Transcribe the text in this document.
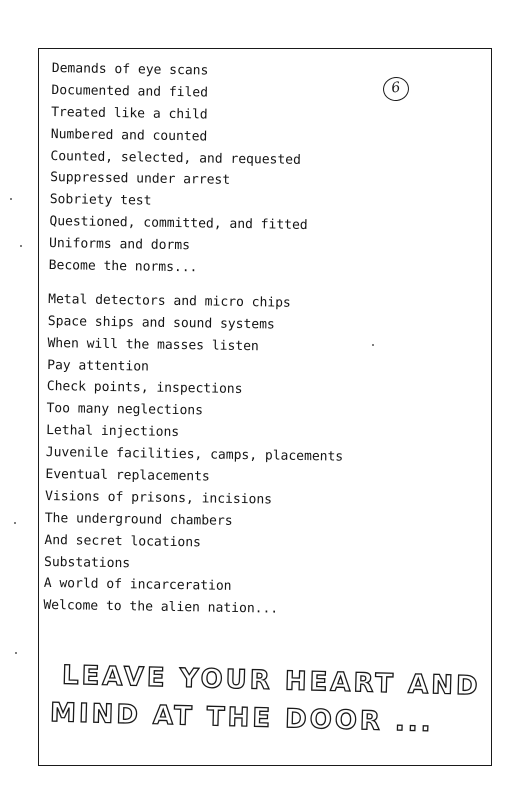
6
Demands of eye scans
Documented and filed
Treated like a child
Numbered and counted
Counted, selected, and requested
Suppressed under arrest
Sobriety test
Questioned, committed, and fitted
Uniforms and dorms
Become the norms...
Metal detectors and micro chips
Space ships and sound systems
When will the masses listen
Pay attention
Check points, inspections
Too many neglections
Lethal injections
Juvenile facilities, camps, placements
Eventual replacements
Visions of prisons, incisions
The underground chambers
And secret locations
Substations
A world of incarceration
Welcome to the alien nation...
LEAVE YOUR HEART AND
MIND AT THE DOOR ...
